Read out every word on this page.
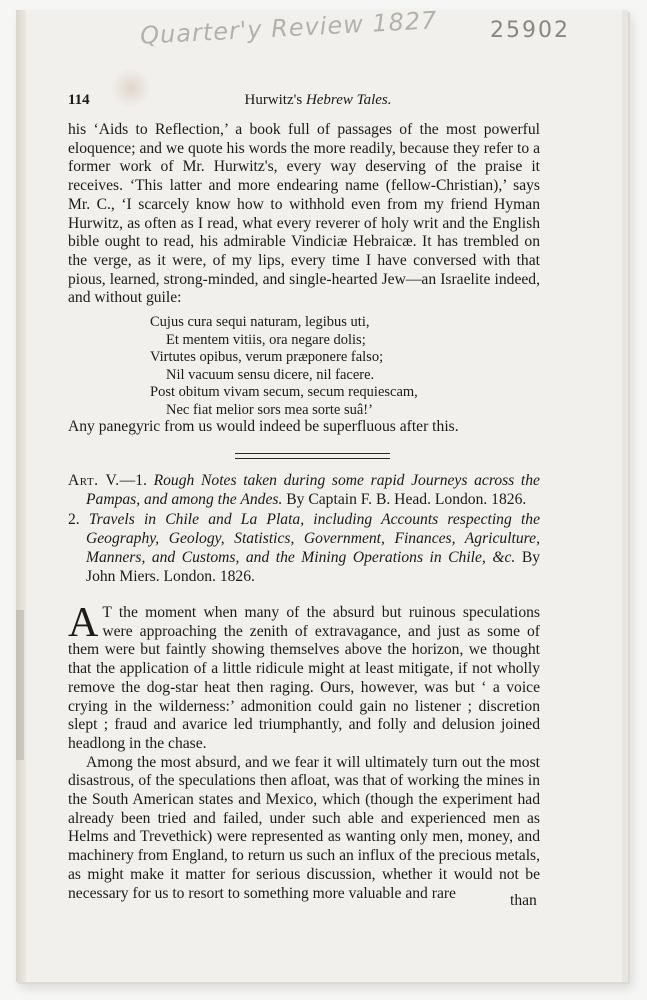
Quarter'y Review 1827 25902
114	Hurwitz's Hebrew Tales.

his ‘Aids to Reflection,’ a book full of passages of the most powerful eloquence; and we quote his words the more readily, because they refer to a former work of Mr. Hurwitz's, every way deserving of the praise it receives. ‘This latter and more endearing name (fellow-Christian),’ says Mr. C., ‘I scarcely know how to withhold even from my friend Hyman Hurwitz, as often as I read, what every reverer of holy writ and the English bible ought to read, his admirable Vindiciæ Hebraicæ. It has trembled on the verge, as it were, of my lips, every time I have conversed with that pious, learned, strong-minded, and single-hearted Jew—an Israelite indeed, and without guile:

Cujus cura sequi naturam, legibus uti,
Et mentem vitiis, ora negare dolis;
Virtutes opibus, verum præponere falso;
Nil vacuum sensu dicere, nil facere.
Post obitum vivam secum, secum requiescam,
Nec fiat melior sors mea sorte suâ!’

Any panegyric from us would indeed be superfluous after this.

Art. V.—1. Rough Notes taken during some rapid Journeys across the Pampas, and among the Andes. By Captain F. B. Head. London. 1826.

2. Travels in Chile and La Plata, including Accounts respecting the Geography, Geology, Statistics, Government, Finances, Agriculture, Manners, and Customs, and the Mining Operations in Chile, &c. By John Miers. London. 1826.

A T the moment when many of the absurd but ruinous speculations were approaching the zenith of extravagance, and just as some of them were but faintly showing themselves above the horizon, we thought that the application of a little ridicule might at least mitigate, if not wholly remove the dog-star heat then raging. Ours, however, was but ‘ a voice crying in the wilderness:’ admonition could gain no listener ; discretion slept ; fraud and avarice led triumphantly, and folly and delusion joined headlong in the chase.

Among the most absurd, and we fear it will ultimately turn out the most disastrous, of the speculations then afloat, was that of working the mines in the South American states and Mexico, which (though the experiment had already been tried and failed, under such able and experienced men as Helms and Trevethick) were represented as wanting only men, money, and machinery from England, to return us such an influx of the precious metals, as might make it matter for serious discussion, whether it would not be necessary for us to resort to something more valuable and rare	than
